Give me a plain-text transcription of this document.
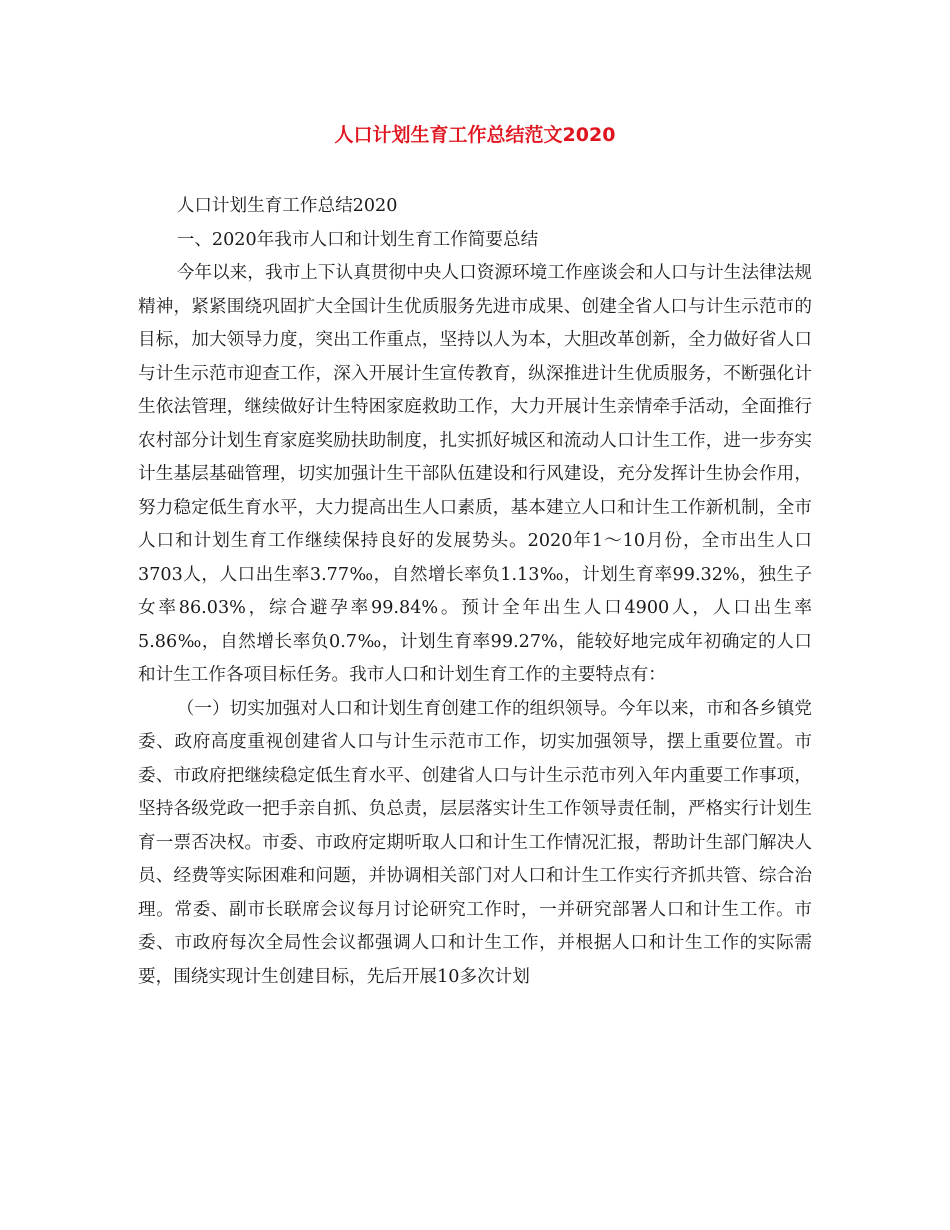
人口计划生育工作总结范文2020

人口计划生育工作总结2020

一、2020年我市人口和计划生育工作简要总结

今年以来，我市上下认真贯彻中央人口资源环境工作座谈会和人口与计生法律法规精神，紧紧围绕巩固扩大全国计生优质服务先进市成果、创建全省人口与计生示范市的目标，加大领导力度，突出工作重点，坚持以人为本，大胆改革创新，全力做好省人口与计生示范市迎查工作，深入开展计生宣传教育，纵深推进计生优质服务，不断强化计生依法管理，继续做好计生特困家庭救助工作，大力开展计生亲情牵手活动，全面推行农村部分计划生育家庭奖励扶助制度，扎实抓好城区和流动人口计生工作，进一步夯实计生基层基础管理，切实加强计生干部队伍建设和行风建设，充分发挥计生协会作用，努力稳定低生育水平，大力提高出生人口素质，基本建立人口和计生工作新机制，全市人口和计划生育工作继续保持良好的发展势头。2020年1～10月份，全市出生人口3703人，人口出生率3.77‰，自然增长率负1.13‰，计划生育率99.32%，独生子女率86.03%，综合避孕率99.84%。预计全年出生人口4900人，人口出生率5.86‰，自然增长率负0.7‰，计划生育率99.27%，能较好地完成年初确定的人口和计生工作各项目标任务。我市人口和计划生育工作的主要特点有：

（一）切实加强对人口和计划生育创建工作的组织领导。今年以来，市和各乡镇党委、政府高度重视创建省人口与计生示范市工作，切实加强领导，摆上重要位置。市委、市政府把继续稳定低生育水平、创建省人口与计生示范市列入年内重要工作事项，坚持各级党政一把手亲自抓、负总责，层层落实计生工作领导责任制，严格实行计划生育一票否决权。市委、市政府定期听取人口和计生工作情况汇报，帮助计生部门解决人员、经费等实际困难和问题，并协调相关部门对人口和计生工作实行齐抓共管、综合治理。常委、副市长联席会议每月讨论研究工作时，一并研究部署人口和计生工作。市委、市政府每次全局性会议都强调人口和计生工作，并根据人口和计生工作的实际需要，围绕实现计生创建目标，先后开展10多次计划
